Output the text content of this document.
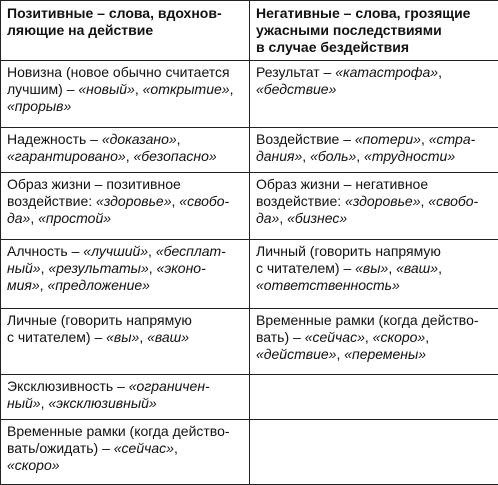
Позитивные – слова, вдохнов-
ляющие на действие	Негативные – слова, грозящие
ужасными последствиями
в случае бездействия

Новизна (новое обычно считается
лучшим) – «новый», «открытие»,
«прорыв»	Результат – «катастрофа»,
«бедствие»

Надежность – «доказано»,
«гарантировано», «безопасно»	Воздействие – «потери», «стра-
дания», «боль», «трудности»

Образ жизни – позитивное
воздействие: «здоровье», «свобо-
да», «простой»	Образ жизни – негативное
воздействие: «здоровье», «свобо-
да», «бизнес»

Алчность – «лучший», «бесплат-
ный», «результаты», «эконо-
мия», «предложение»	Личный (говорить напрямую
с читателем) – «вы», «ваш»,
«ответственность»

Личные (говорить напрямую
с читателем) – «вы», «ваш»	Временные рамки (когда действо-
вать) – «сейчас», «скоро»,
«действие», «перемены»

Эксклюзивность – «ограничен-
ный», «эксклюзивный»	

Временные рамки (когда действо-
вать/ожидать) – «сейчас»,
«скоро»	
